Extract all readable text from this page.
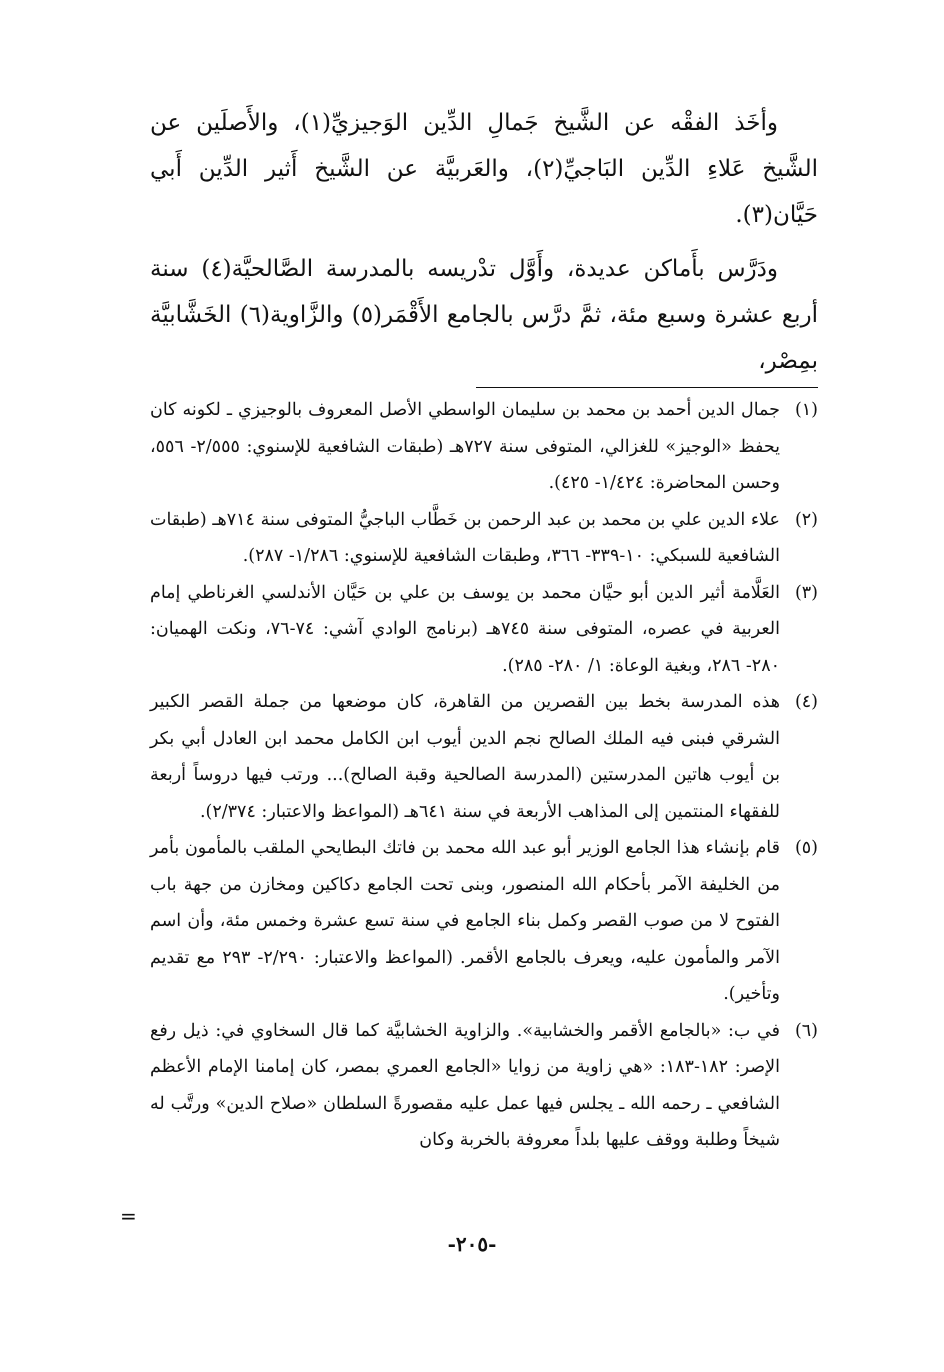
وأخَذ الفقْه عن الشَّيخ جَمالِ الدِّين الوَجيزيِّ(١)، والأَصلَين عن الشَّيخ عَلاءِ الدِّين البَاجيِّ(٢)، والعَربيَّة عن الشَّيخ أَثير الدِّين أَبي حَيَّان(٣).

ودَرَّس بأَماكن عديدة، وأَوَّل تدْريسه بالمدرسة الصَّالحيَّة(٤) سنة أربع عشرة وسبع مئة، ثمَّ درَّس بالجامع الأَقْمَر(٥) والزَّاوية(٦) الخَشَّابيَّة بمِصْر،

(١)
جمال الدين أحمد بن محمد بن سليمان الواسطي الأصل المعروف بالوجيزي ـ لكونه كان يحفظ «الوجيز» للغزالي، المتوفى سنة ٧٢٧هـ (طبقات الشافعية للإسنوي: ٢/٥٥٥- ٥٥٦، وحسن المحاضرة: ١/٤٢٤- ٤٢٥).
(٢)
علاء الدين علي بن محمد بن عبد الرحمن بن خَطَّاب الباجيُّ المتوفى سنة ٧١٤هـ (طبقات الشافعية للسبكي: ١٠-٣٣٩- ٣٦٦، وطبقات الشافعية للإسنوي: ١/٢٨٦- ٢٨٧).
(٣)
العَلَّامة أثير الدين أبو حيَّان محمد بن يوسف بن علي بن حَيَّان الأندلسي الغرناطي إمام العربية في عصره، المتوفى سنة ٧٤٥هـ (برنامج الوادي آشي: ٧٤-٧٦، ونكت الهميان: ٢٨٠- ٢٨٦، وبغية الوعاة: ١/ ٢٨٠- ٢٨٥).
(٤)
هذه المدرسة بخط بين القصرين من القاهرة، كان موضعها من جملة القصر الكبير الشرقي فبنى فيه الملك الصالح نجم الدين أيوب ابن الكامل محمد ابن العادل أبي بكر بن أيوب هاتين المدرستين (المدرسة الصالحية وقبة الصالح)... ورتب فيها دروساً أربعة للفقهاء المنتمين إلى المذاهب الأربعة في سنة ٦٤١هـ (المواعظ والاعتبار: ٢/٣٧٤).
(٥)
قام بإنشاء هذا الجامع الوزير أبو عبد الله محمد بن فاتك البطايحي الملقب بالمأمون بأمر من الخليفة الآمر بأحكام الله المنصور، وبنى تحت الجامع دكاكين ومخازن من جهة باب الفتوح لا من صوب القصر وكمل بناء الجامع في سنة تسع عشرة وخمس مئة، وأن اسم الآمر والمأمون عليه، ويعرف بالجامع الأقمر. (المواعظ والاعتبار: ٢/٢٩٠- ٢٩٣ مع تقديم وتأخير).
(٦)
في ب: «بالجامع الأقمر والخشابية». والزاوية الخشابيَّة كما قال السخاوي في: ذيل رفع الإصر: ١٨٢-١٨٣: «هي زاوية من زوايا «الجامع العمري بمصر، كان إمامنا الإمام الأعظم الشافعي ـ رحمه الله ـ يجلس فيها عمل عليه مقصورةً السلطان «صلاح الدين» ورتَّب له شيخاً وطلبة ووقف عليها بلداً معروفة بالخربة وكان
=
-٢٠٥-
